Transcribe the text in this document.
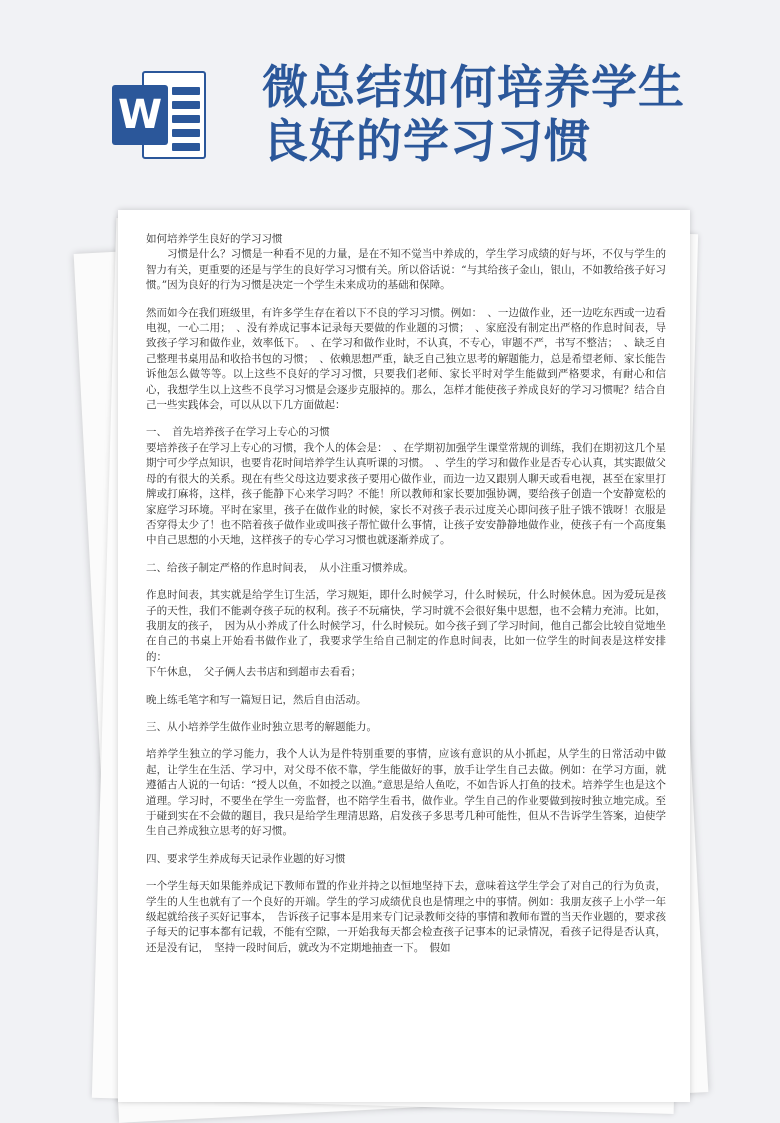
W
微总结如何培养学生良好的学习习惯

如何培养学生良好的学习习惯

习惯是什么？习惯是一种看不见的力量，是在不知不觉当中养成的，学生学习成绩的好与坏，不仅与学生的智力有关，更重要的还是与学生的良好学习习惯有关。所以俗话说：“与其给孩子金山，银山，不如教给孩子好习惯。”因为良好的行为习惯是决定一个学生未来成功的基础和保障。

然而如今在我们班级里，有许多学生存在着以下不良的学习习惯。例如：　、一边做作业，还一边吃东西或一边看电视，一心二用；　、没有养成记事本记录每天要做的作业题的习惯；　、家庭没有制定出严格的作息时间表，导致孩子学习和做作业，效率低下。　、在学习和做作业时，不认真，不专心，审题不严，书写不整洁；　、缺乏自己整理书桌用品和收拾书包的习惯；　、依赖思想严重，缺乏自己独立思考的解题能力，总是希望老师、家长能告诉他怎么做等等。以上这些不良好的学习习惯，只要我们老师、家长平时对学生能做到严格要求，有耐心和信心，我想学生以上这些不良学习习惯是会逐步克服掉的。那么，怎样才能使孩子养成良好的学习习惯呢？结合自己一些实践体会，可以从以下几方面做起：

一、　首先培养孩子在学习上专心的习惯

要培养孩子在学习上专心的习惯，我个人的体会是：　、在学期初加强学生课堂常规的训练，我们在期初这几个星期宁可少学点知识，也要肯花时间培养学生认真听课的习惯。　、学生的学习和做作业是否专心认真，其实跟做父母的有很大的关系。现在有些父母这边要求孩子要用心做作业，而边一边又跟别人聊天或看电视，甚至在家里打牌或打麻将，这样，孩子能静下心来学习吗？不能！所以教师和家长要加强协调，要给孩子创造一个安静宽松的家庭学习环境。平时在家里，孩子在做作业的时候，家长不对孩子表示过度关心即问孩子肚子饿不饿呀！衣服是否穿得太少了！也不陪着孩子做作业或叫孩子帮忙做什么事情，让孩子安安静静地做作业，使孩子有一个高度集中自己思想的小天地，这样孩子的专心学习习惯也就逐渐养成了。

二、给孩子制定严格的作息时间表，　从小注重习惯养成。

作息时间表，其实就是给学生订生活，学习规矩，即什么时候学习，什么时候玩，什么时候休息。因为爱玩是孩子的天性，我们不能剥夺孩子玩的权利。孩子不玩痛快，学习时就不会很好集中思想，也不会精力充沛。比如，我朋友的孩子，　因为从小养成了什么时候学习，什么时候玩。如今孩子到了学习时间，他自己都会比较自觉地坐在自己的书桌上开始看书做作业了，我要求学生给自己制定的作息时间表，比如一位学生的时间表是这样安排的：

下午休息，　父子俩人去书店和到超市去看看；

晚上练毛笔字和写一篇短日记，然后自由活动。

三、从小培养学生做作业时独立思考的解题能力。

培养学生独立的学习能力，我个人认为是件特别重要的事情，应该有意识的从小抓起，从学生的日常活动中做起，让学生在生活、学习中，对父母不依不靠，学生能做好的事，放手让学生自己去做。例如：在学习方面，就遵循古人说的一句话：“授人以鱼，不如授之以渔。”意思是给人鱼吃，不如告诉人打鱼的技术。培养学生也是这个道理。学习时，不要坐在学生一旁监督，也不陪学生看书，做作业。学生自己的作业要做到按时独立地完成。至于碰到实在不会做的题目，我只是给学生理清思路，启发孩子多思考几种可能性，但从不告诉学生答案，迫使学生自己养成独立思考的好习惯。

四、要求学生养成每天记录作业题的好习惯

一个学生每天如果能养成记下教师布置的作业并持之以恒地坚持下去，意味着这学生学会了对自己的行为负责，学生的人生也就有了一个良好的开端。学生的学习成绩优良也是情理之中的事情。例如：我朋友孩子上小学一年级起就给孩子买好记事本，　告诉孩子记事本是用来专门记录教师交待的事情和教师布置的当天作业题的，要求孩子每天的记事本都有记载，不能有空隙，一开始我每天都会检查孩子记事本的记录情况，看孩子记得是否认真，还是没有记，　坚持一段时间后，就改为不定期地抽查一下。　假如
